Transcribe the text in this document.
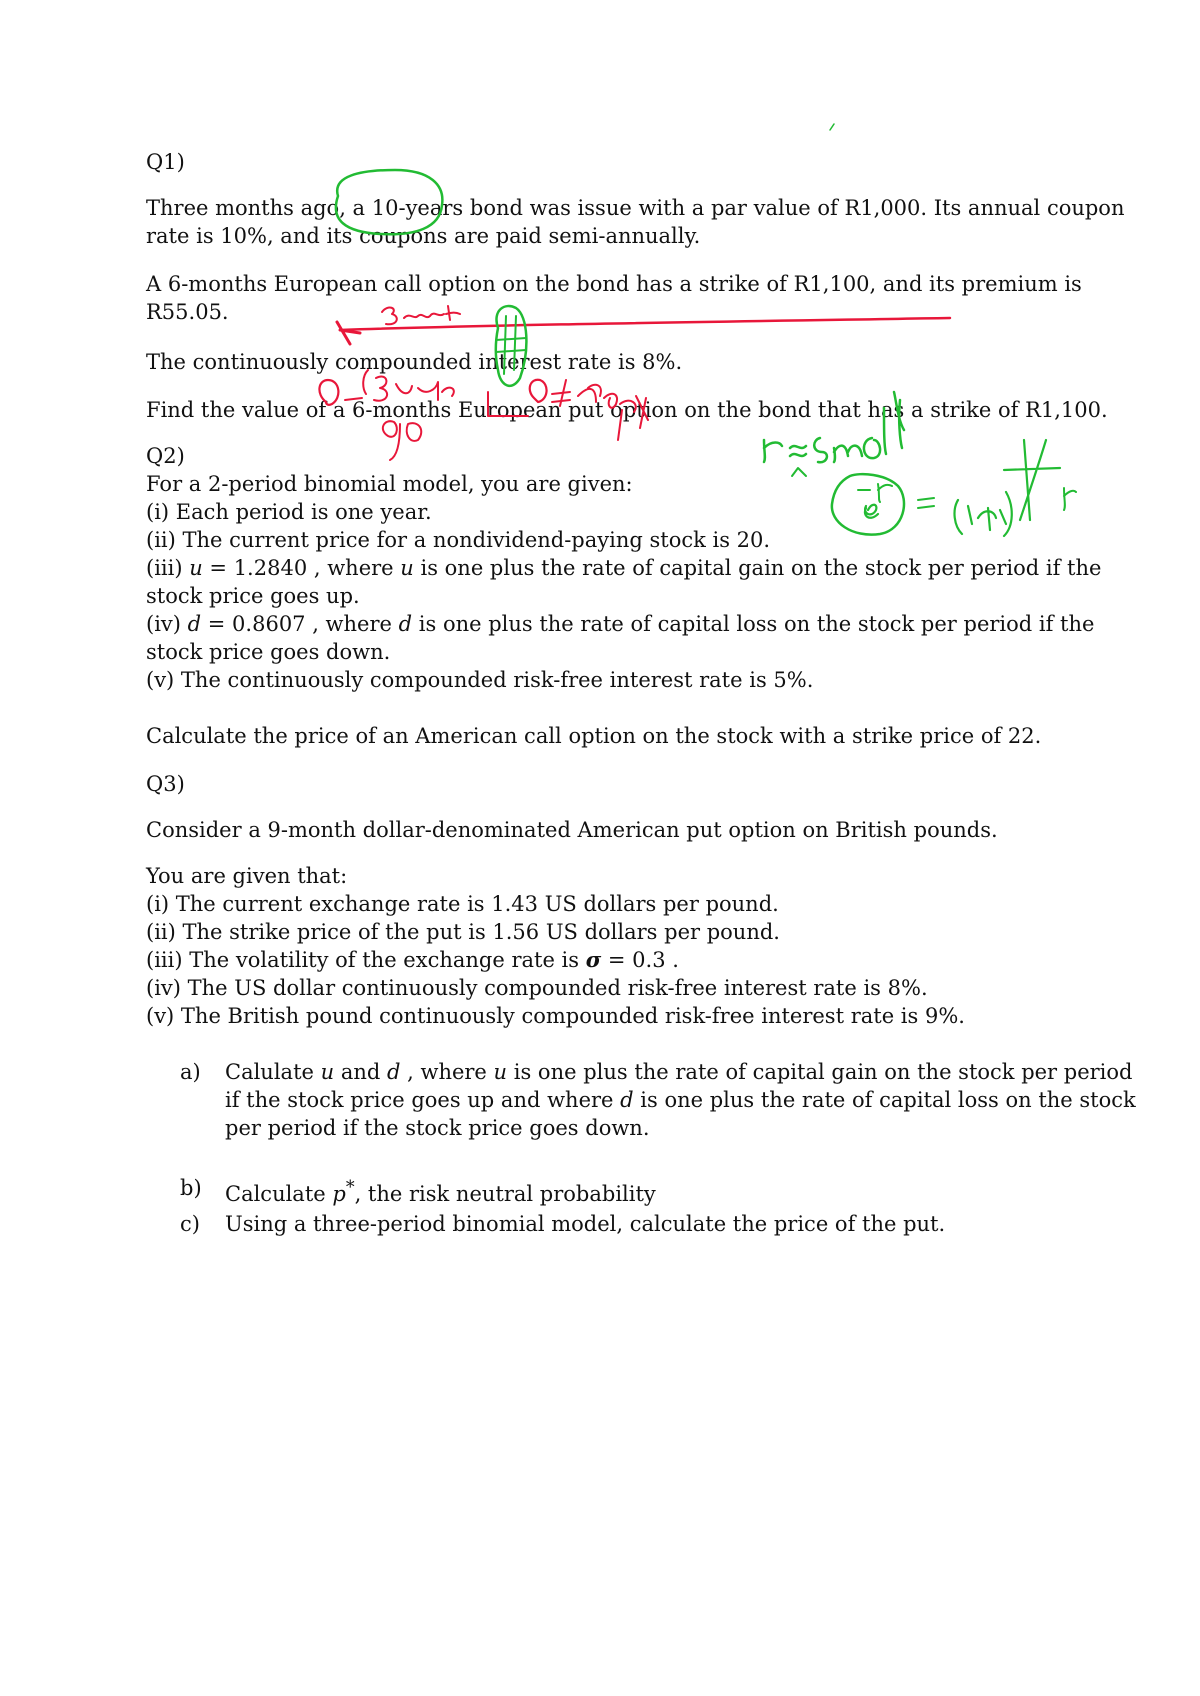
Q1)
Three months ago, a 10-years bond was issue with a par value of R1,000. Its annual coupon
rate is 10%, and its coupons are paid semi-annually.
A 6-months European call option on the bond has a strike of R1,100, and its premium is
R55.05.
The continuously compounded interest rate is 8%.
Find the value of a 6-months European put option on the bond that has a strike of R1,100.
Q2)
For a 2-period binomial model, you are given:
(i) Each period is one year.
(ii) The current price for a nondividend-paying stock is 20.
(iii) u = 1.2840 , where u is one plus the rate of capital gain on the stock per period if the
stock price goes up.
(iv) d = 0.8607 , where d is one plus the rate of capital loss on the stock per period if the
stock price goes down.
(v) The continuously compounded risk-free interest rate is 5%.
Calculate the price of an American call option on the stock with a strike price of 22.
Q3)
Consider a 9-month dollar-denominated American put option on British pounds.
You are given that:
(i) The current exchange rate is 1.43 US dollars per pound.
(ii) The strike price of the put is 1.56 US dollars per pound.
(iii) The volatility of the exchange rate is σ = 0.3 .
(iv) The US dollar continuously compounded risk-free interest rate is 8%.
(v) The British pound continuously compounded risk-free interest rate is 9%.
a)	Calulate u and d , where u is one plus the rate of capital gain on the stock per period
if the stock price goes up and where d is one plus the rate of capital loss on the stock
per period if the stock price goes down.
b)	Calculate p*, the risk neutral probability
c)	Using a three-period binomial model, calculate the price of the put.
